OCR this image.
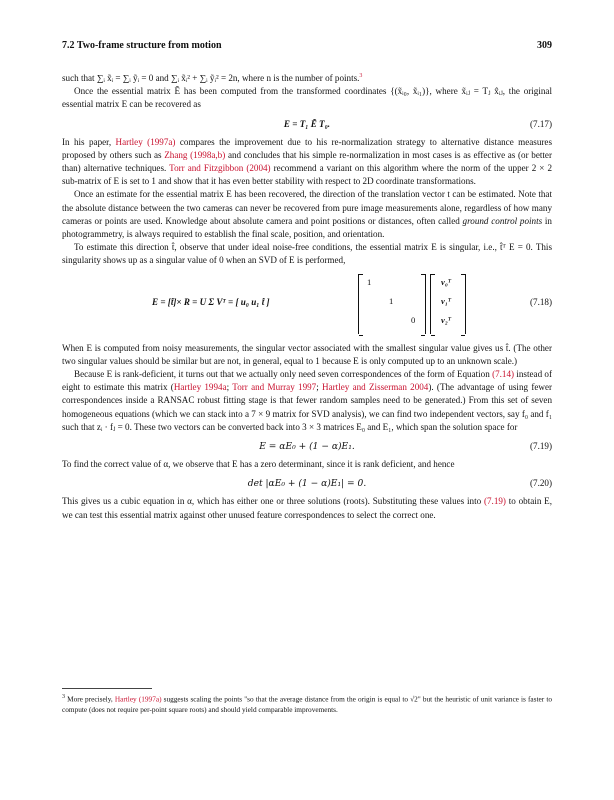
7.2 Two-frame structure from motion	309

such that ∑ᵢ x̃ᵢ = ∑ᵢ ỹᵢ = 0 and ∑ᵢ x̃ᵢ² + ∑ᵢ ỹᵢ² = 2n, where n is the number of points.$^3$

Once the essential matrix Ẽ has been computed from the transformed coordinates {(x̃ᵢ₀, x̃ᵢ₁)}, where x̃ᵢⱼ = Tⱼ x̂ᵢⱼ, the original essential matrix E can be recovered as

E = T₁ Ẽ T₀.	(7.17)

In his paper, Hartley (1997a) compares the improvement due to his re-normalization strategy to alternative distance measures proposed by others such as Zhang (1998a,b) and concludes that his simple re-normalization in most cases is as effective as (or better than) alternative techniques. Torr and Fitzgibbon (2004) recommend a variant on this algorithm where the norm of the upper 2 × 2 sub-matrix of E is set to 1 and show that it has even better stability with respect to 2D coordinate transformations.

Once an estimate for the essential matrix E has been recovered, the direction of the translation vector t can be estimated. Note that the absolute distance between the two cameras can never be recovered from pure image measurements alone, regardless of how many cameras or points are used. Knowledge about absolute camera and point positions or distances, often called ground control points in photogrammetry, is always required to establish the final scale, position, and orientation.

To estimate this direction t̂, observe that under ideal noise-free conditions, the essential matrix E is singular, i.e., t̂ᵀ E = 0. This singularity shows up as a singular value of 0 when an SVD of E is performed,

E = [t̂]× R = U Σ Vᵀ = [ u₀ u₁ t̂ ]
1
1
0
v₀ᵀ
v₁ᵀ
v₂ᵀ
(7.18)

When E is computed from noisy measurements, the singular vector associated with the smallest singular value gives us t̂. (The other two singular values should be similar but are not, in general, equal to 1 because E is only computed up to an unknown scale.)

Because E is rank-deficient, it turns out that we actually only need seven correspondences of the form of Equation (7.14) instead of eight to estimate this matrix (Hartley 1994a; Torr and Murray 1997; Hartley and Zisserman 2004). (The advantage of using fewer correspondences inside a RANSAC robust fitting stage is that fewer random samples need to be generated.) From this set of seven homogeneous equations (which we can stack into a 7 × 9 matrix for SVD analysis), we can find two independent vectors, say f₀ and f₁ such that zᵢ · fⱼ = 0. These two vectors can be converted back into 3 × 3 matrices E₀ and E₁, which span the solution space for

E = αE₀ + (1 − α)E₁.	(7.19)

To find the correct value of α, we observe that E has a zero determinant, since it is rank deficient, and hence

det |αE₀ + (1 − α)E₁| = 0.	(7.20)

This gives us a cubic equation in α, which has either one or three solutions (roots). Substituting these values into (7.19) to obtain E, we can test this essential matrix against other unused feature correspondences to select the correct one.

$^3$ More precisely, Hartley (1997a) suggests scaling the points "so that the average distance from the origin is equal to √2" but the heuristic of unit variance is faster to compute (does not require per-point square roots) and should yield comparable improvements.
